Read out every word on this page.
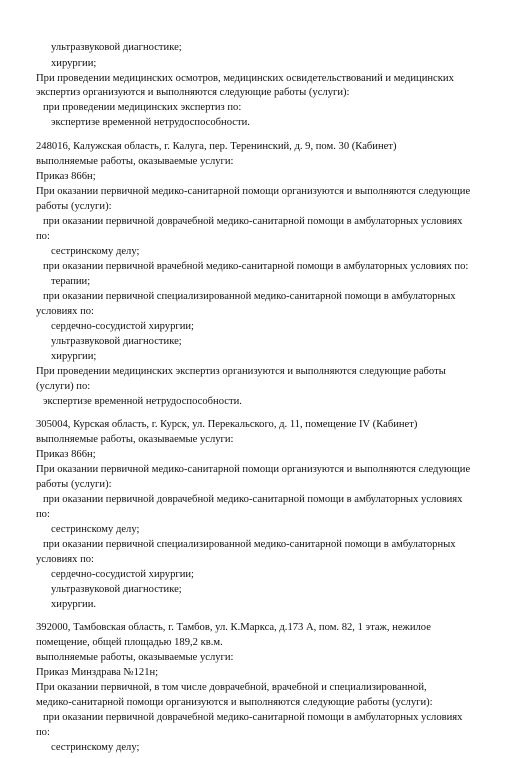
ультразвуковой диагностике;
хирургии;
При проведении медицинских осмотров, медицинских освидетельствований и медицинских
экспертиз организуются и выполняются следующие работы (услуги):
при проведении медицинских экспертиз по:
экспертизе временной нетрудоспособности.
248016, Калужская область, г. Калуга, пер. Теренинский, д. 9, пом. 30 (Кабинет)
выполняемые работы, оказываемые услуги:
Приказ 866н;
При оказании первичной медико-санитарной помощи организуются и выполняются следующие
работы (услуги):
при оказании первичной доврачебной медико-санитарной помощи в амбулаторных условиях
по:
сестринскому делу;
при оказании первичной врачебной медико-санитарной помощи в амбулаторных условиях по:
терапии;
при оказании первичной специализированной медико-санитарной помощи в амбулаторных
условиях по:
сердечно-сосудистой хирургии;
ультразвуковой диагностике;
хирургии;
При проведении медицинских экспертиз организуются и выполняются следующие работы
(услуги) по:
экспертизе временной нетрудоспособности.
305004, Курская область, г. Курск, ул. Перекальского, д. 11, помещение IV (Кабинет)
выполняемые работы, оказываемые услуги:
Приказ 866н;
При оказании первичной медико-санитарной помощи организуются и выполняются следующие
работы (услуги):
при оказании первичной доврачебной медико-санитарной помощи в амбулаторных условиях
по:
сестринскому делу;
при оказании первичной специализированной медико-санитарной помощи в амбулаторных
условиях по:
сердечно-сосудистой хирургии;
ультразвуковой диагностике;
хирургии.
392000, Тамбовская область, г. Тамбов, ул. К.Маркса, д.173 А, пом. 82, 1 этаж, нежилое
помещение, общей площадью 189,2 кв.м.
выполняемые работы, оказываемые услуги:
Приказ Минздрава №121н;
При оказании первичной, в том числе доврачебной, врачебной и специализированной,
медико-санитарной помощи организуются и выполняются следующие работы (услуги):
при оказании первичной доврачебной медико-санитарной помощи в амбулаторных условиях
по:
сестринскому делу;
